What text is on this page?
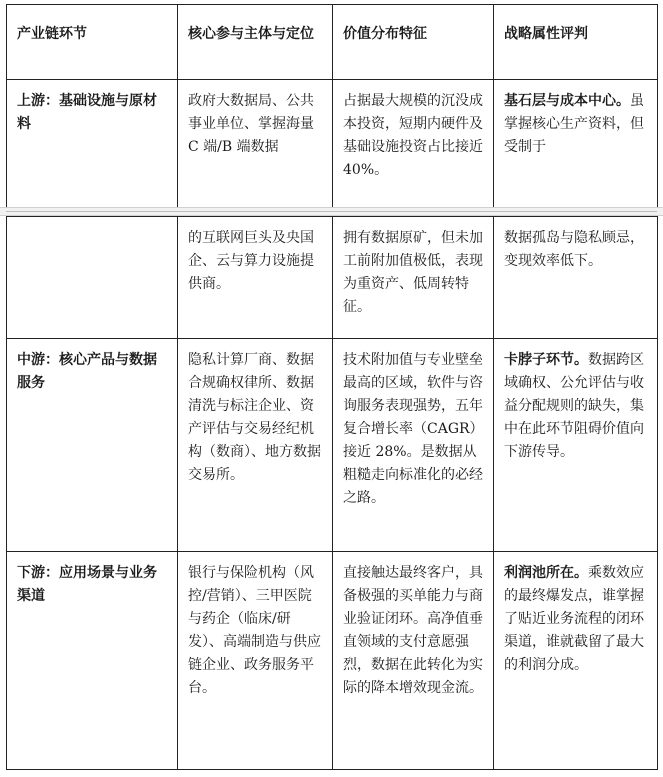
产业链环节	核心参与主体与定位	价值分布特征	战略属性评判
上游：基础设施与原材料	政府大数据局、公共事业单位、掌握海量 C 端/B 端数据	占据最大规模的沉没成本投资，短期内硬件及基础设施投资占比接近 40%。	基石层与成本中心。虽掌握核心生产资料，但受制于
	的互联网巨头及央国企、云与算力设施提供商。	拥有数据原矿，但未加工前附加值极低，表现为重资产、低周转特征。	数据孤岛与隐私顾忌，变现效率低下。
中游：核心产品与数据服务	隐私计算厂商、数据合规确权律所、数据清洗与标注企业、资产评估与交易经纪机构（数商）、地方数据交易所。	技术附加值与专业壁垒最高的区域，软件与咨询服务表现强势，五年复合增长率（CAGR）接近 28%。是数据从粗糙走向标准化的必经之路。	卡脖子环节。数据跨区域确权、公允评估与收益分配规则的缺失，集中在此环节阻碍价值向下游传导。
下游：应用场景与业务渠道	银行与保险机构（风控/营销）、三甲医院与药企（临床/研发）、高端制造与供应链企业、政务服务平台。	直接触达最终客户，具备极强的买单能力与商业验证闭环。高净值垂直领域的支付意愿强烈，数据在此转化为实际的降本增效现金流。	利润池所在。乘数效应的最终爆发点，谁掌握了贴近业务流程的闭环渠道，谁就截留了最大的利润分成。
